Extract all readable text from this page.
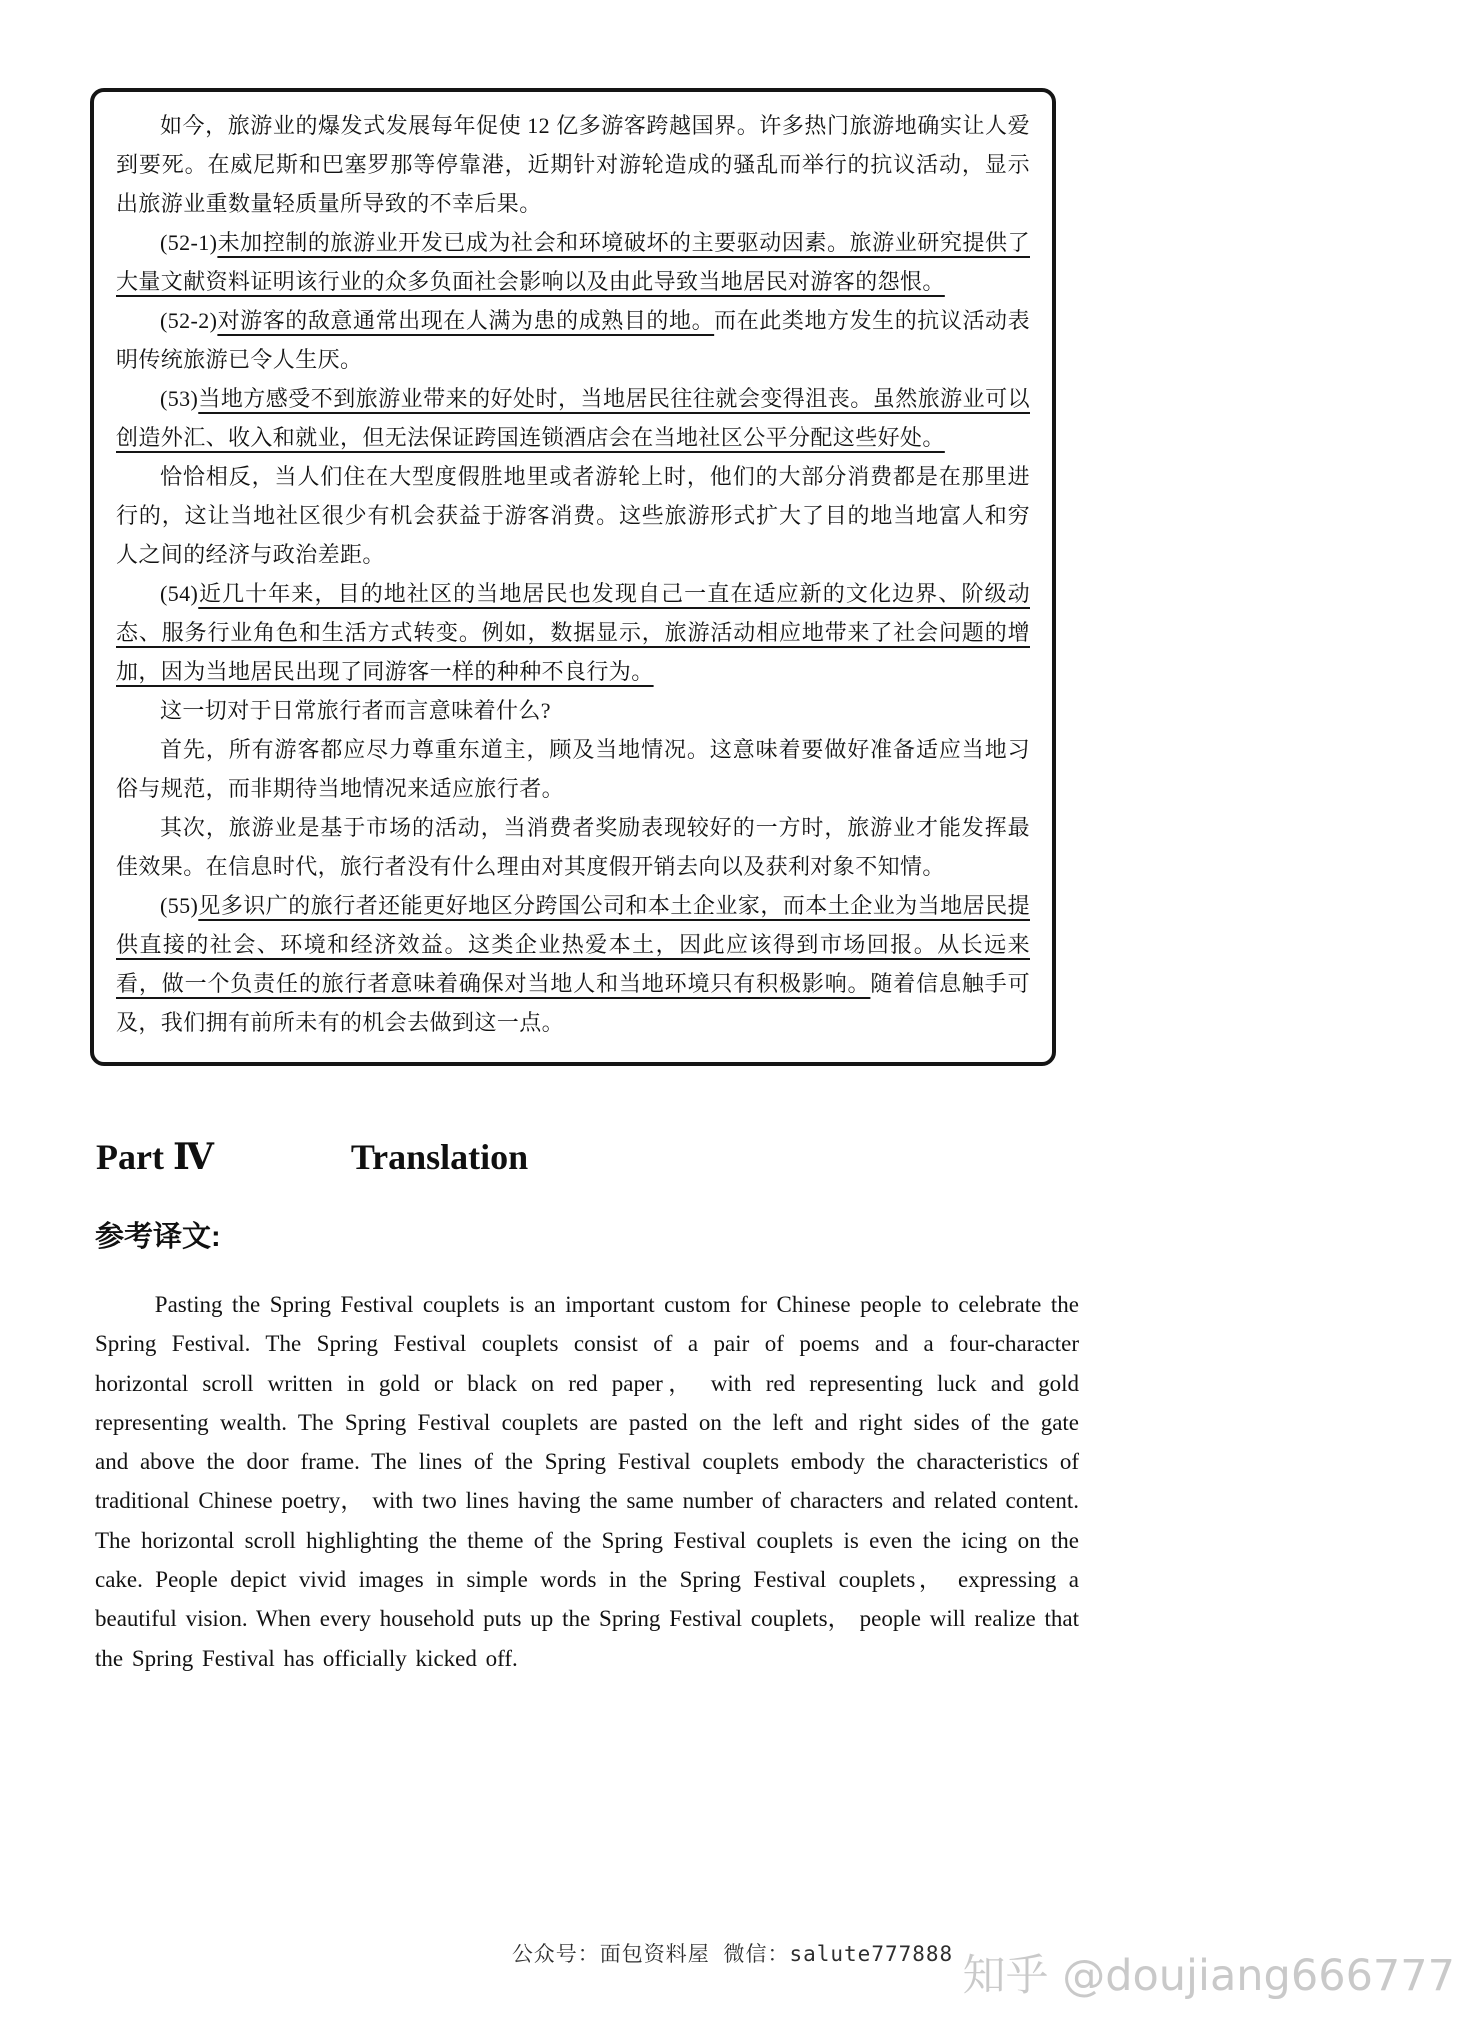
如今，旅游业的爆发式发展每年促使 12 亿多游客跨越国界。许多热门旅游地确实让人爱到要死。在威尼斯和巴塞罗那等停靠港，近期针对游轮造成的骚乱而举行的抗议活动，显示出旅游业重数量轻质量所导致的不幸后果。

(52-1)未加控制的旅游业开发已成为社会和环境破坏的主要驱动因素。旅游业研究提供了大量文献资料证明该行业的众多负面社会影响以及由此导致当地居民对游客的怨恨。

(52-2)对游客的敌意通常出现在人满为患的成熟目的地。而在此类地方发生的抗议活动表明传统旅游已令人生厌。

(53)当地方感受不到旅游业带来的好处时，当地居民往往就会变得沮丧。虽然旅游业可以创造外汇、收入和就业，但无法保证跨国连锁酒店会在当地社区公平分配这些好处。

恰恰相反，当人们住在大型度假胜地里或者游轮上时，他们的大部分消费都是在那里进行的，这让当地社区很少有机会获益于游客消费。这些旅游形式扩大了目的地当地富人和穷人之间的经济与政治差距。

(54)近几十年来，目的地社区的当地居民也发现自己一直在适应新的文化边界、阶级动态、服务行业角色和生活方式转变。例如，数据显示，旅游活动相应地带来了社会问题的增加，因为当地居民出现了同游客一样的种种不良行为。

这一切对于日常旅行者而言意味着什么?

首先，所有游客都应尽力尊重东道主，顾及当地情况。这意味着要做好准备适应当地习俗与规范，而非期待当地情况来适应旅行者。

其次，旅游业是基于市场的活动，当消费者奖励表现较好的一方时，旅游业才能发挥最佳效果。在信息时代，旅行者没有什么理由对其度假开销去向以及获利对象不知情。

(55)见多识广的旅行者还能更好地区分跨国公司和本土企业家，而本土企业为当地居民提供直接的社会、环境和经济效益。这类企业热爱本土，因此应该得到市场回报。从长远来看，做一个负责任的旅行者意味着确保对当地人和当地环境只有积极影响。随着信息触手可及，我们拥有前所未有的机会去做到这一点。

Part Ⅳ	Translation
参考译文:

Pasting the Spring Festival couplets is an important custom for Chinese people to celebrate the Spring Festival. The Spring Festival couplets consist of a pair of poems and a four-character horizontal scroll written in gold or black on red paper， with red representing luck and gold representing wealth. The Spring Festival couplets are pasted on the left and right sides of the gate and above the door frame. The lines of the Spring Festival couplets embody the characteristics of traditional Chinese poetry， with two lines having the same number of characters and related content. The horizontal scroll highlighting the theme of the Spring Festival couplets is even the icing on the cake. People depict vivid images in simple words in the Spring Festival couplets， expressing a beautiful vision. When every household puts up the Spring Festival couplets， people will realize that the Spring Festival has officially kicked off.

公众号：面包资料屋 微信：salute777888 知乎 @doujiang666777
